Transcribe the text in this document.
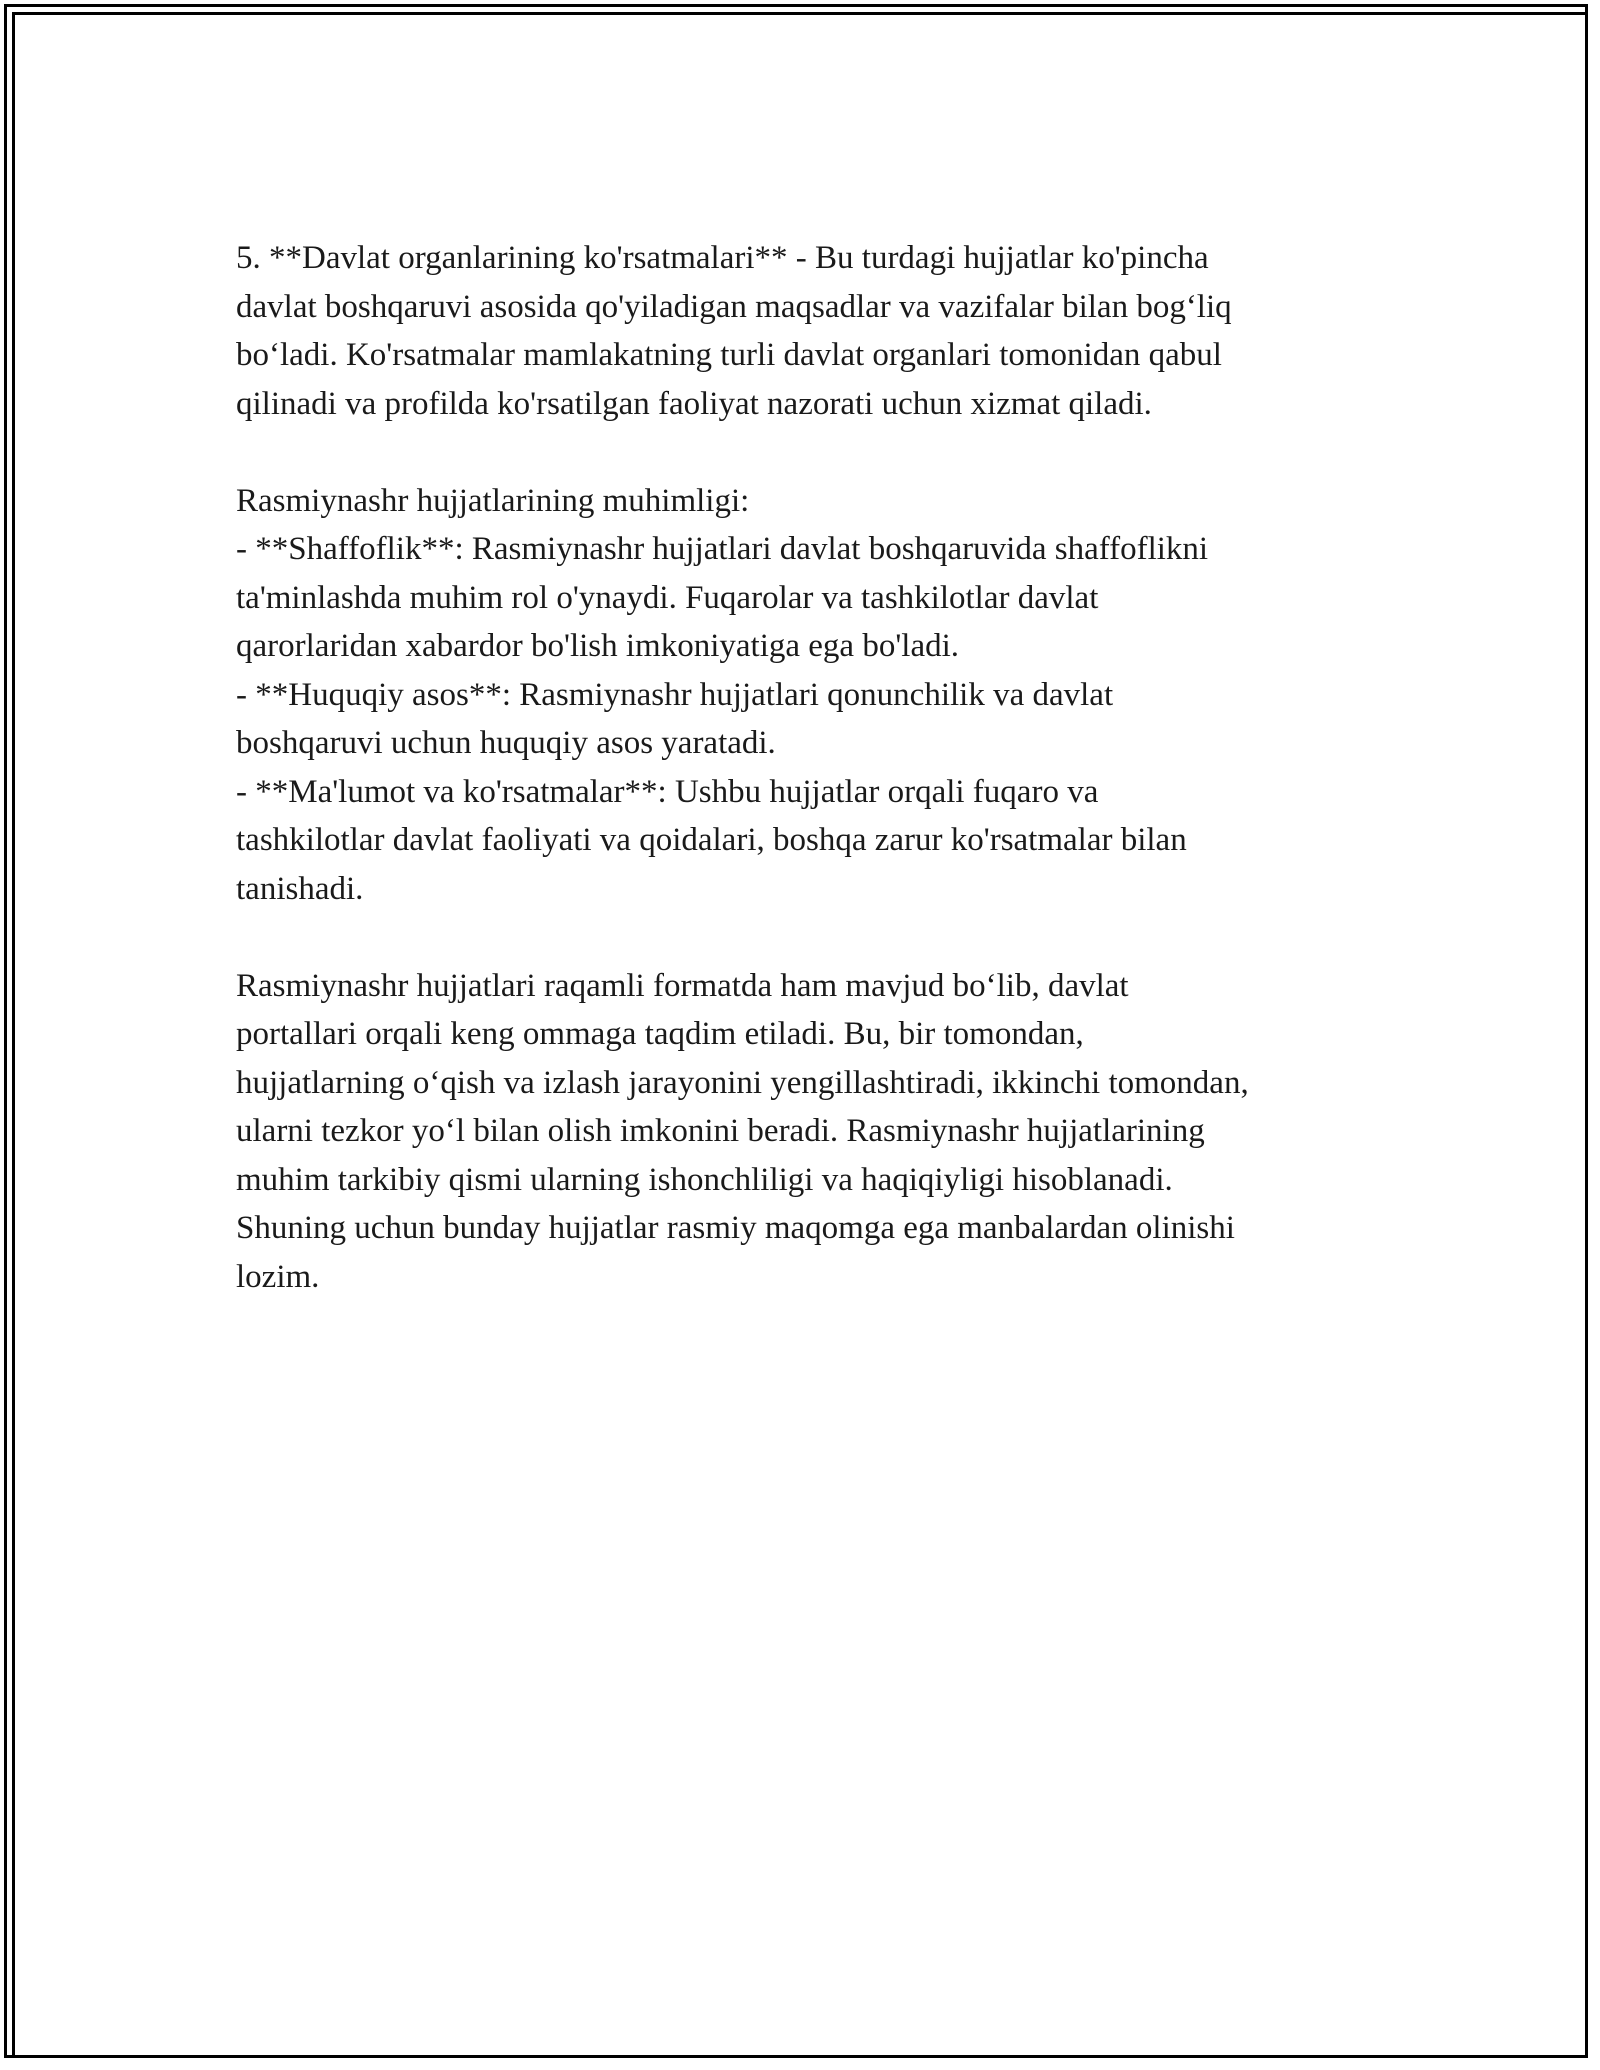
5. **Davlat organlarining ko'rsatmalari** - Bu turdagi hujjatlar ko'pincha
davlat boshqaruvi asosida qo'yiladigan maqsadlar va vazifalar bilan bog‘liq
bo‘ladi. Ko'rsatmalar mamlakatning turli davlat organlari tomonidan qabul
qilinadi va profilda ko'rsatilgan faoliyat nazorati uchun xizmat qiladi.
Rasmiynashr hujjatlarining muhimligi:
- **Shaffoflik**: Rasmiynashr hujjatlari davlat boshqaruvida shaffoflikni
ta'minlashda muhim rol o'ynaydi. Fuqarolar va tashkilotlar davlat
qarorlaridan xabardor bo'lish imkoniyatiga ega bo'ladi.
- **Huquqiy asos**: Rasmiynashr hujjatlari qonunchilik va davlat
boshqaruvi uchun huquqiy asos yaratadi.
- **Ma'lumot va ko'rsatmalar**: Ushbu hujjatlar orqali fuqaro va
tashkilotlar davlat faoliyati va qoidalari, boshqa zarur ko'rsatmalar bilan
tanishadi.
Rasmiynashr hujjatlari raqamli formatda ham mavjud bo‘lib, davlat
portallari orqali keng ommaga taqdim etiladi. Bu, bir tomondan,
hujjatlarning o‘qish va izlash jarayonini yengillashtiradi, ikkinchi tomondan,
ularni tezkor yo‘l bilan olish imkonini beradi. Rasmiynashr hujjatlarining
muhim tarkibiy qismi ularning ishonchliligi va haqiqiyligi hisoblanadi.
Shuning uchun bunday hujjatlar rasmiy maqomga ega manbalardan olinishi
lozim.
